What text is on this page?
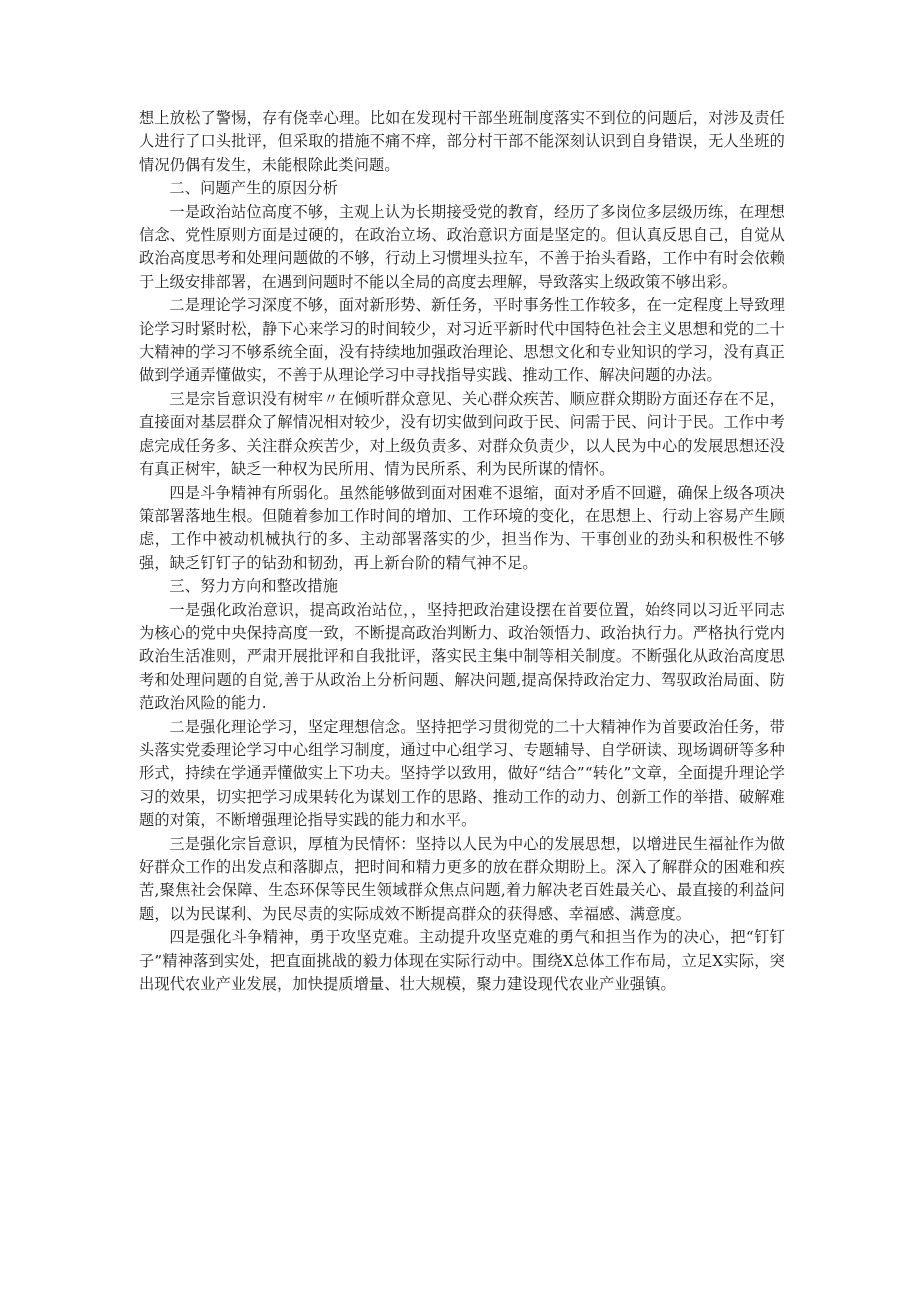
想上放松了警惕，存有侥幸心理。比如在发现村干部坐班制度落实不到位的问题后，对涉及责任人进行了口头批评，但采取的措施不痛不痒，部分村干部不能深刻认识到自身错误，无人坐班的情况仍偶有发生，未能根除此类问题。

二、问题产生的原因分析

一是政治站位高度不够，主观上认为长期接受党的教育，经历了多岗位多层级历练，在理想信念、党性原则方面是过硬的，在政治立场、政治意识方面是坚定的。但认真反思自己，自觉从政治高度思考和处理问题做的不够，行动上习惯埋头拉车，不善于抬头看路，工作中有时会依赖于上级安排部署，在遇到问题时不能以全局的高度去理解，导致落实上级政策不够出彩。

二是理论学习深度不够，面对新形势、新任务，平时事务性工作较多，在一定程度上导致理论学习时紧时松，静下心来学习的时间较少，对习近平新时代中国特色社会主义思想和党的二十大精神的学习不够系统全面，没有持续地加强政治理论、思想文化和专业知识的学习，没有真正做到学通弄懂做实，不善于从理论学习中寻找指导实践、推动工作、解决问题的办法。

三是宗旨意识没有树牢〃在倾听群众意见、关心群众疾苦、顺应群众期盼方面还存在不足，直接面对基层群众了解情况相对较少，没有切实做到问政于民、问需于民、问计于民。工作中考虑完成任务多、关注群众疾苦少，对上级负责多、对群众负责少，以人民为中心的发展思想还没有真正树牢，缺乏一种权为民所用、情为民所系、利为民所谋的情怀。

四是斗争精神有所弱化。虽然能够做到面对困难不退缩，面对矛盾不回避，确保上级各项决策部署落地生根。但随着参加工作时间的增加、工作环境的变化，在思想上、行动上容易产生顾虑，工作中被动机械执行的多、主动部署落实的少，担当作为、干事创业的劲头和积极性不够强，缺乏钉钉子的钻劲和韧劲，再上新台阶的精气神不足。

三、努力方向和整改措施

一是强化政治意识，提高政治站位，，坚持把政治建设摆在首要位置，始终同以习近平同志为核心的党中央保持高度一致，不断提高政治判断力、政治领悟力、政治执行力。严格执行党内政治生活准则，严肃开展批评和自我批评，落实民主集中制等相关制度。不断强化从政治高度思考和处理问题的自觉,善于从政治上分析问题、解决问题,提高保持政治定力、驾驭政治局面、防范政治风险的能力.

二是强化理论学习，坚定理想信念。坚持把学习贯彻党的二十大精神作为首要政治任务，带头落实党委理论学习中心组学习制度，通过中心组学习、专题辅导、自学研读、现场调研等多种形式，持续在学通弄懂做实上下功夫。坚持学以致用，做好“结合”“转化”文章，全面提升理论学习的效果，切实把学习成果转化为谋划工作的思路、推动工作的动力、创新工作的举措、破解难题的对策，不断增强理论指导实践的能力和水平。

三是强化宗旨意识，厚植为民情怀：坚持以人民为中心的发展思想，以增进民生福祉作为做好群众工作的出发点和落脚点，把时间和精力更多的放在群众期盼上。深入了解群众的困难和疾苦,聚焦社会保障、生态环保等民生领域群众焦点问题,着力解决老百姓最关心、最直接的利益问题，以为民谋利、为民尽责的实际成效不断提高群众的获得感、幸福感、满意度。

四是强化斗争精神，勇于攻坚克难。主动提升攻坚克难的勇气和担当作为的决心，把“钉钉子”精神落到实处，把直面挑战的毅力体现在实际行动中。围绕X总体工作布局，立足X实际，突出现代农业产业发展，加快提质增量、壮大规模，聚力建设现代农业产业强镇。
